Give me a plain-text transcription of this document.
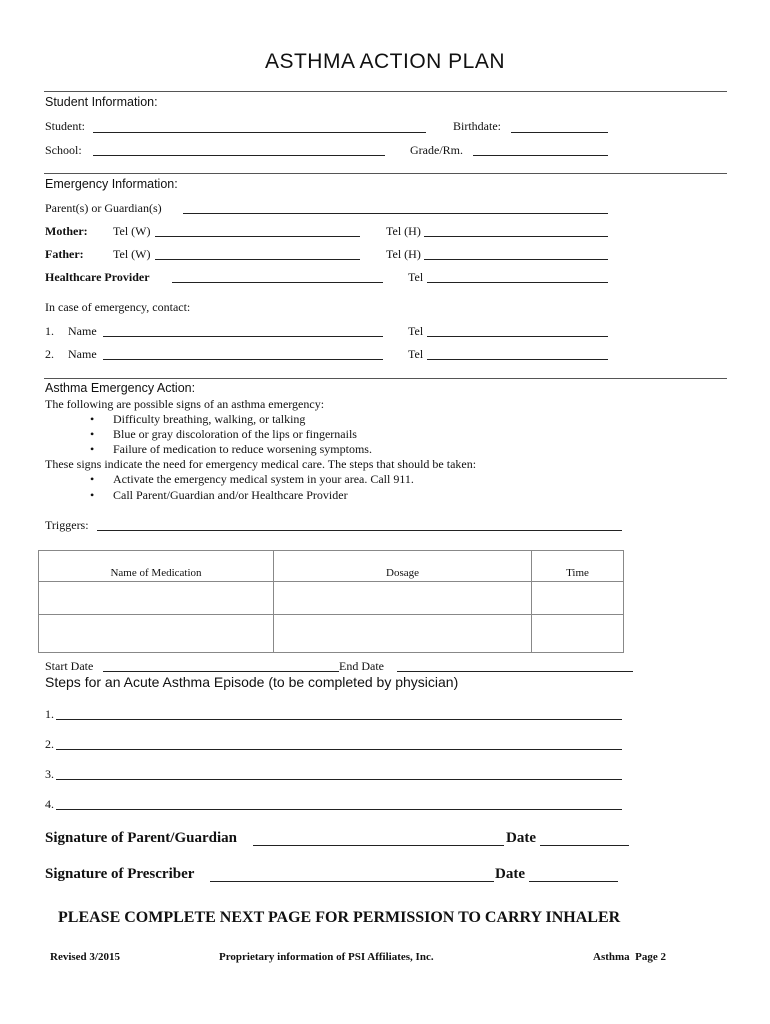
ASTHMA ACTION PLAN
Student Information:
Student:	Birthdate:
School:	Grade/Rm.
Emergency Information:
Parent(s) or Guardian(s)
Mother: Tel (W)	Tel (H)
Father: Tel (W)	Tel (H)
Healthcare Provider	Tel
In case of emergency, contact:
1. Name	Tel
2. Name	Tel
Asthma Emergency Action:
The following are possible signs of an asthma emergency:
• Difficulty breathing, walking, or talking
• Blue or gray discoloration of the lips or fingernails
• Failure of medication to reduce worsening symptoms.
These signs indicate the need for emergency medical care. The steps that should be taken:
• Activate the emergency medical system in your area. Call 911.
• Call Parent/Guardian and/or Healthcare Provider
Triggers:
Name of Medication	Dosage	Time

Start Date	End Date
Steps for an Acute Asthma Episode (to be completed by physician)
1.
2.
3.
4.
Signature of Parent/Guardian	Date
Signature of Prescriber	Date
PLEASE COMPLETE NEXT PAGE FOR PERMISSION TO CARRY INHALER
Revised 3/2015	Proprietary information of PSI Affiliates, Inc.	Asthma  Page 2
